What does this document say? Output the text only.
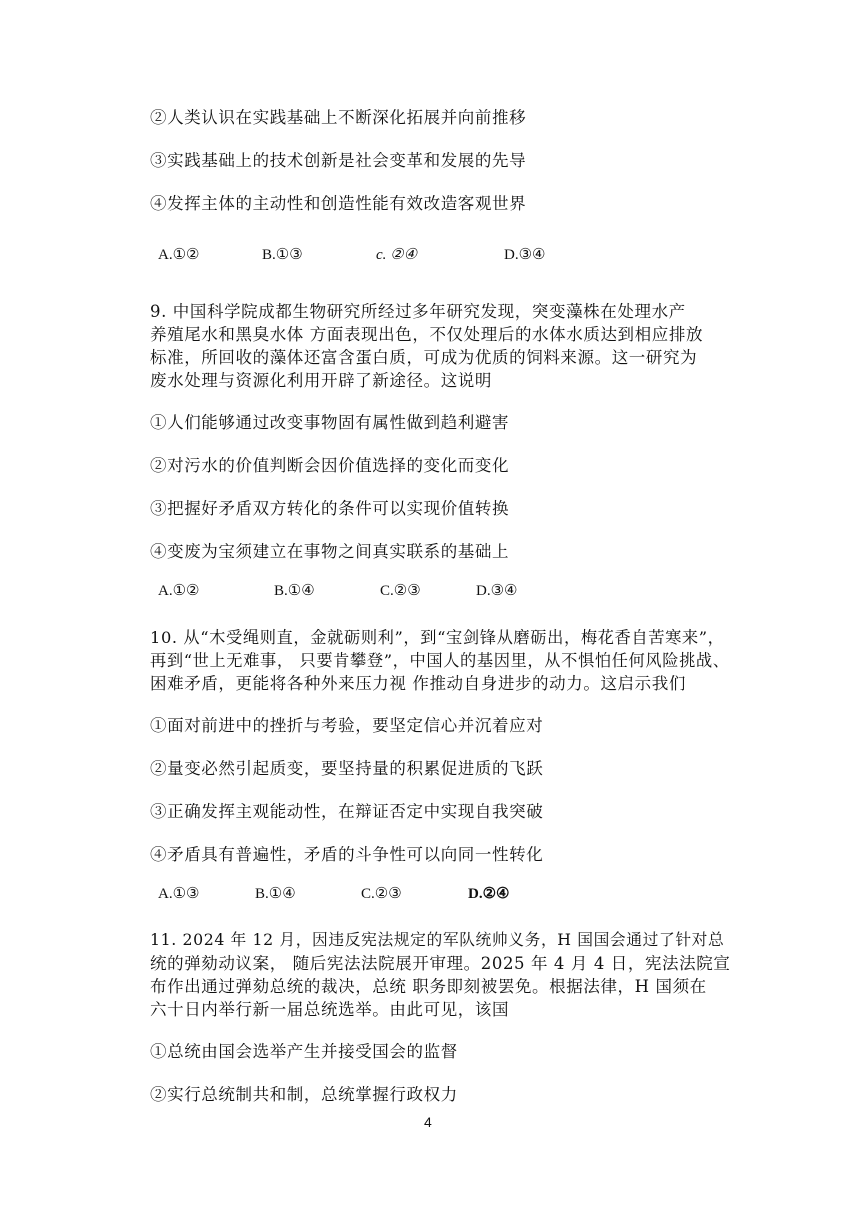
②人类认识在实践基础上不断深化拓展并向前推移
③实践基础上的技术创新是社会变革和发展的先导
④发挥主体的主动性和创造性能有效改造客观世界
A.①②	B.①③	c. ②④	D.③④
9. 中国科学院成都生物研究所经过多年研究发现，突变藻株在处理水产
养殖尾水和黑臭水体 方面表现出色，不仅处理后的水体水质达到相应排放
标准，所回收的藻体还富含蛋白质，可成为优质的饲料来源。这一研究为
废水处理与资源化利用开辟了新途径。这说明
①人们能够通过改变事物固有属性做到趋利避害
②对污水的价值判断会因价值选择的变化而变化
③把握好矛盾双方转化的条件可以实现价值转换
④变废为宝须建立在事物之间真实联系的基础上
A.①②	B.①④	C.②③	D.③④
10. 从“木受绳则直，金就砺则利”，到“宝剑锋从磨砺出，梅花香自苦寒来”，
再到“世上无难事， 只要肯攀登”，中国人的基因里，从不惧怕任何风险挑战、
困难矛盾，更能将各种外来压力视 作推动自身进步的动力。这启示我们
①面对前进中的挫折与考验，要坚定信心并沉着应对
②量变必然引起质变，要坚持量的积累促进质的飞跃
③正确发挥主观能动性，在辩证否定中实现自我突破
④矛盾具有普遍性，矛盾的斗争性可以向同一性转化
A.①③	B.①④	C.②③	D.②④
11. 2024 年 12 月，因违反宪法规定的军队统帅义务，H 国国会通过了针对总
统的弹劾动议案， 随后宪法法院展开审理。2025 年 4 月 4 日，宪法法院宣
布作出通过弹劾总统的裁决，总统 职务即刻被罢免。根据法律，H 国须在
六十日内举行新一届总统选举。由此可见，该国
①总统由国会选举产生并接受国会的监督
②实行总统制共和制，总统掌握行政权力
4
